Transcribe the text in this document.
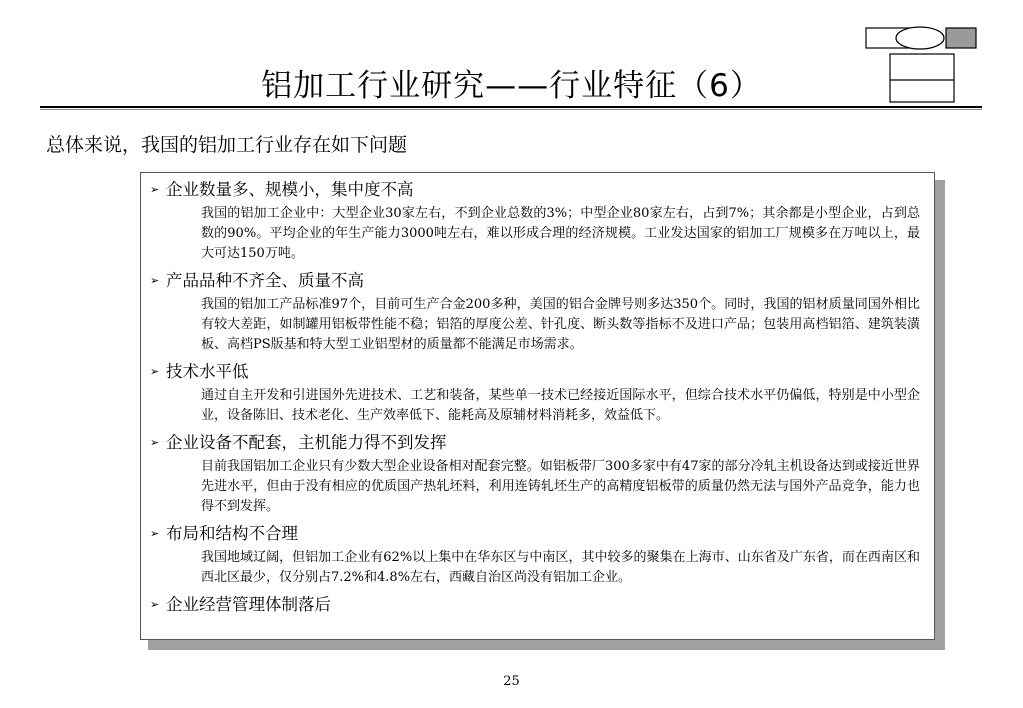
铝加工行业研究——行业特征（6）
总体来说，我国的铝加工行业存在如下问题
➢ 企业数量多、规模小，集中度不高
我国的铝加工企业中：大型企业30家左右，不到企业总数的3%；中型企业80家左右，占到7%；其余都是小型企业，占到总数的90%。平均企业的年生产能力3000吨左右，难以形成合理的经济规模。工业发达国家的铝加工厂规模多在万吨以上，最大可达150万吨。
➢ 产品品种不齐全、质量不高
我国的铝加工产品标准97个，目前可生产合金200多种，美国的铝合金牌号则多达350个。同时，我国的铝材质量同国外相比有较大差距，如制罐用铝板带性能不稳；铝箔的厚度公差、针孔度、断头数等指标不及进口产品；包装用高档铝箔、建筑装潢板、高档PS版基和特大型工业铝型材的质量都不能满足市场需求。
➢ 技术水平低
通过自主开发和引进国外先进技术、工艺和装备，某些单一技术已经接近国际水平，但综合技术水平仍偏低，特别是中小型企业，设备陈旧、技术老化、生产效率低下、能耗高及原辅材料消耗多，效益低下。
➢ 企业设备不配套，主机能力得不到发挥
目前我国铝加工企业只有少数大型企业设备相对配套完整。如铝板带厂300多家中有47家的部分冷轧主机设备达到或接近世界先进水平，但由于没有相应的优质国产热轧坯料，利用连铸轧坯生产的高精度铝板带的质量仍然无法与国外产品竞争，能力也得不到发挥。
➢ 布局和结构不合理
我国地域辽阔，但铝加工企业有62%以上集中在华东区与中南区，其中较多的聚集在上海市、山东省及广东省，而在西南区和西北区最少，仅分别占7.2%和4.8%左右，西藏自治区尚没有铝加工企业。
➢ 企业经营管理体制落后
25
